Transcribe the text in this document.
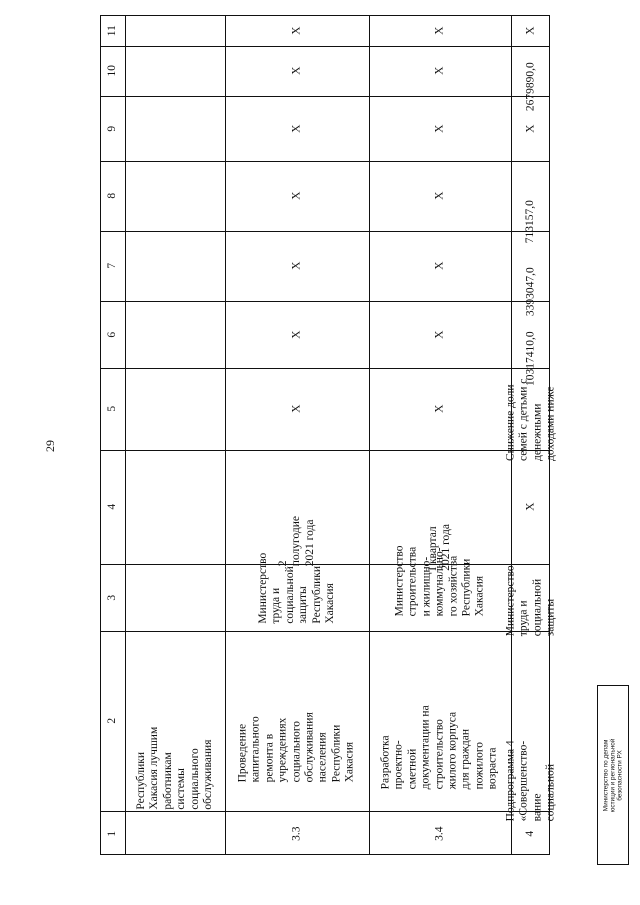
29
1
2
3
4
5
6
7
8
9
10
11
Республики
Хакасия лучшим
работникам
системы
социального
обслуживания
3.3
Проведение
капитального
ремонта в
учреждениях
социального
обслуживания
населения
Республики
Хакасия
Министерство
труда и
социальной
защиты
Республики
Хакасия
2
полугодие
2021 года
X
X
X
X
X
X
X
3.4
Разработка
проектно-
сметной
документации на
строительство
жилого корпуса
для граждан
пожилого
возраста
Министерство
строительства
и жилищно-
коммунально-
го хозяйства
Республики
Хакасия
I квартал
2021 года
X
X
X
X
X
X
X
4
Подпрограмма 4
«Совершенство-
вание
социальной
Министерство
труда и
социальной
защиты
X
Снижение доли
семей с детьми с
денежными
доходами ниже
10317410,0
3393047,0
713157,0
X
2679890,0
X
Министерство по делам
юстиции и региональной
безопасности РХ
